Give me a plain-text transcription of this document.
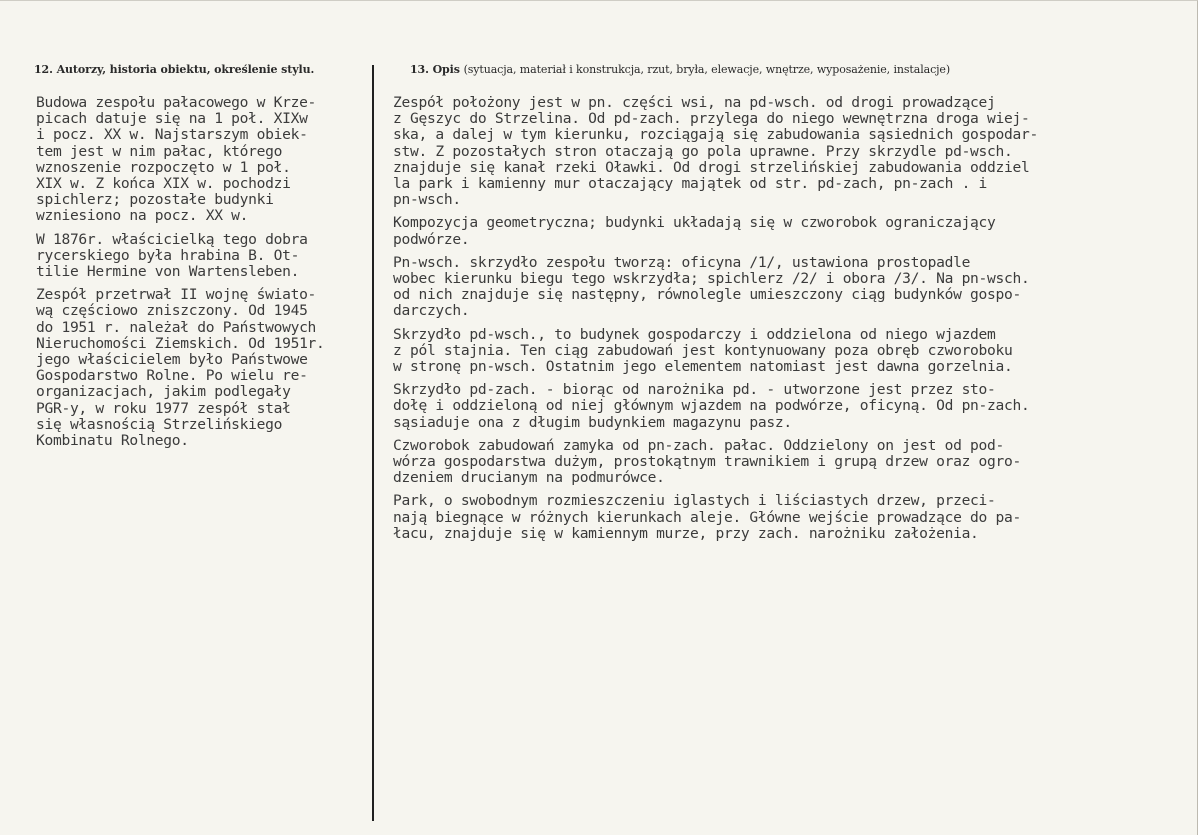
12. Autorzy, historia obiektu, określenie stylu.	13. Opis (sytuacja, materiał i konstrukcja, rzut, bryła, elewacje, wnętrze, wyposażenie, instalacje)
Budowa zespołu pałacowego w Krze-
picach datuje się na 1 poł. XIXw
i pocz. XX w. Najstarszym obiek-
tem jest w nim pałac, którego
wznoszenie rozpoczęto w 1 poł.
XIX w. Z końca XIX w. pochodzi
spichlerz; pozostałe budynki
wzniesiono na pocz. XX w.
W 1876r. właścicielką tego dobra
rycerskiego była hrabina B. Ot-
tilie Hermine von Wartensleben.
Zespół przetrwał II wojnę świato-
wą częściowo zniszczony. Od 1945
do 1951 r. należał do Państwowych
Nieruchomości Ziemskich. Od 1951r.
jego właścicielem było Państwowe
Gospodarstwo Rolne. Po wielu re-
organizacjach, jakim podlegały
PGR-y, w roku 1977 zespół stał
się własnością Strzelińskiego
Kombinatu Rolnego.
Zespół położony jest w pn. części wsi, na pd-wsch. od drogi prowadzącej
z Gęszyc do Strzelina. Od pd-zach. przylega do niego wewnętrzna droga wiej-
ska, a dalej w tym kierunku, rozciągają się zabudowania sąsiednich gospodar-
stw. Z pozostałych stron otaczają go pola uprawne. Przy skrzydle pd-wsch.
znajduje się kanał rzeki Oławki. Od drogi strzelińskiej zabudowania oddziel
la park i kamienny mur otaczający majątek od str. pd-zach, pn-zach . i
pn-wsch.
Kompozycja geometryczna; budynki układają się w czworobok ograniczający
podwórze.
Pn-wsch. skrzydło zespołu tworzą: oficyna /1/, ustawiona prostopadle
wobec kierunku biegu tego wskrzydła; spichlerz /2/ i obora /3/. Na pn-wsch.
od nich znajduje się następny, równolegle umieszczony ciąg budynków gospo-
darczych.
Skrzydło pd-wsch., to budynek gospodarczy i oddzielona od niego wjazdem
z pól stajnia. Ten ciąg zabudowań jest kontynuowany poza obręb czworoboku
w stronę pn-wsch. Ostatnim jego elementem natomiast jest dawna gorzelnia.
Skrzydło pd-zach. - biorąc od narożnika pd. - utworzone jest przez sto-
dołę i oddzieloną od niej głównym wjazdem na podwórze, oficyną. Od pn-zach.
sąsiaduje ona z długim budynkiem magazynu pasz.
Czworobok zabudowań zamyka od pn-zach. pałac. Oddzielony on jest od pod-
wórza gospodarstwa dużym, prostokątnym trawnikiem i grupą drzew oraz ogro-
dzeniem drucianym na podmurówce.
Park, o swobodnym rozmieszczeniu iglastych i liściastych drzew, przeci-
nają biegnące w różnych kierunkach aleje. Główne wejście prowadzące do pa-
łacu, znajduje się w kamiennym murze, przy zach. narożniku założenia.
